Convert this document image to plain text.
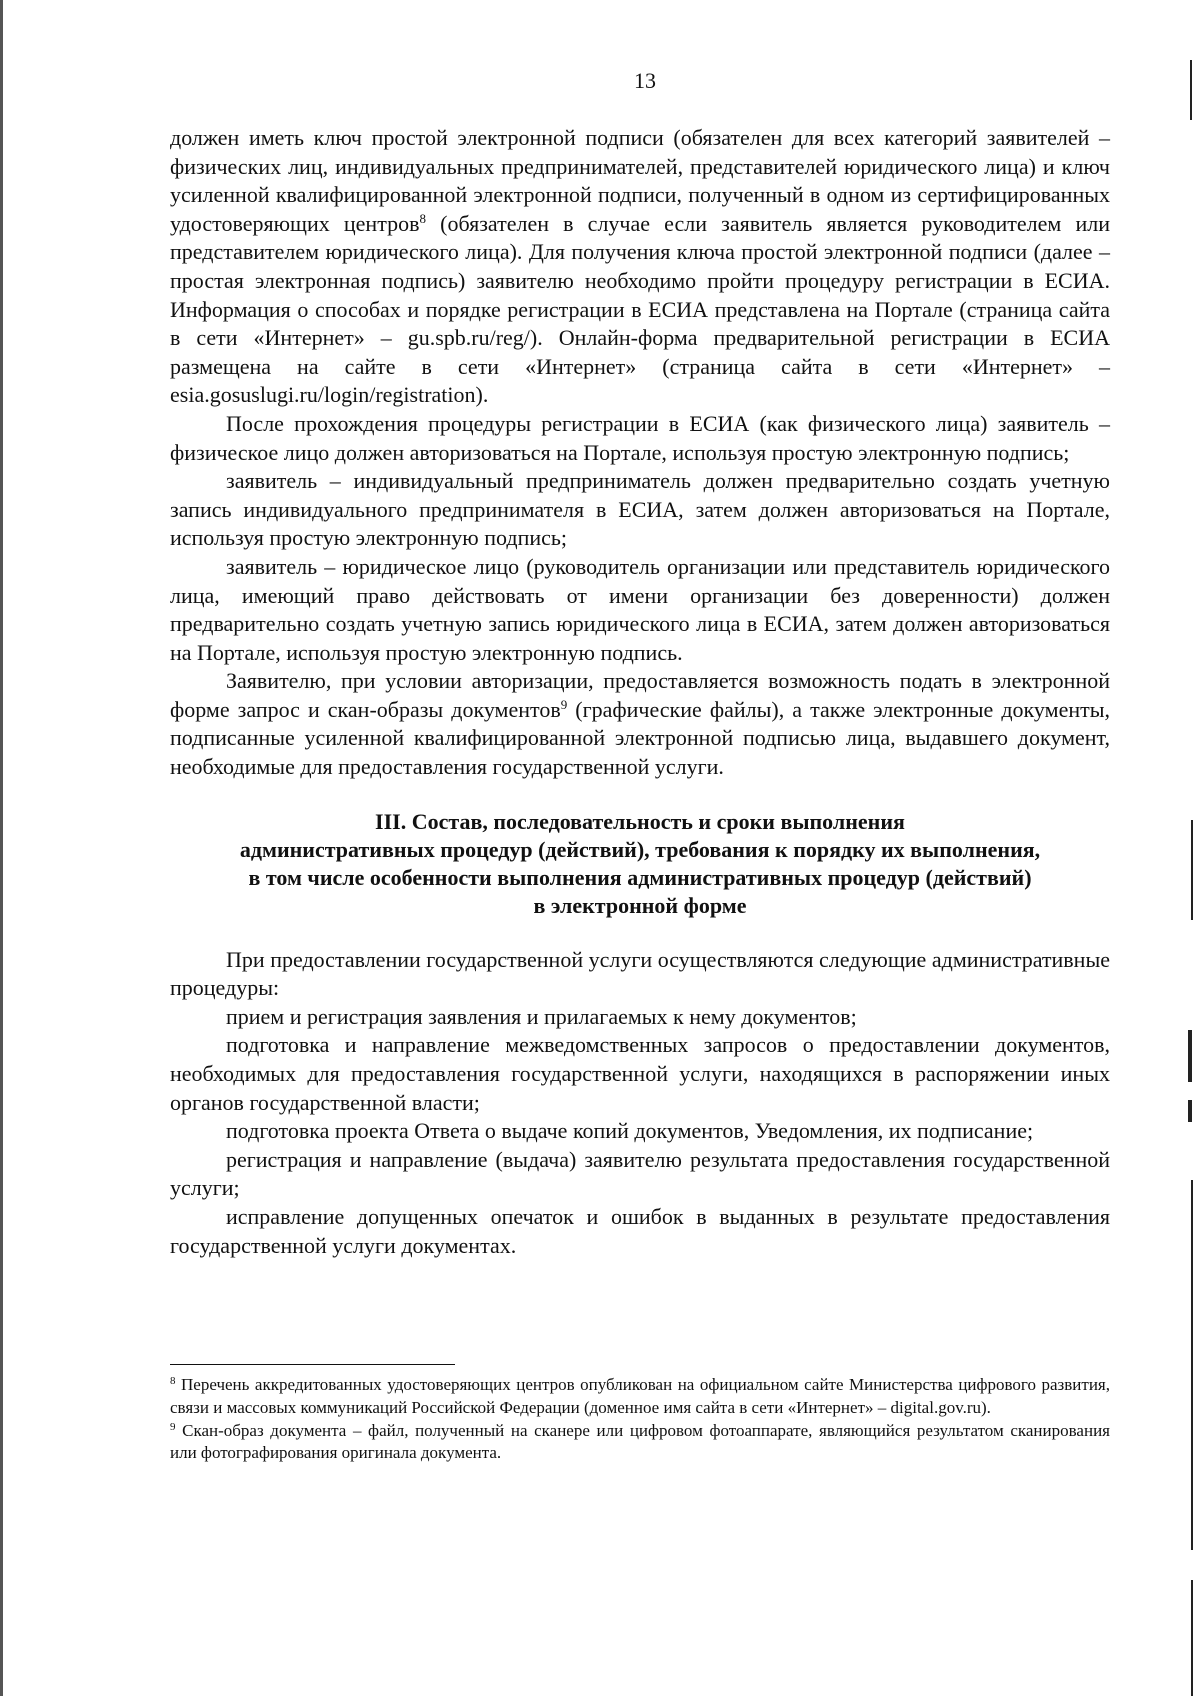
13

должен иметь ключ простой электронной подписи (обязателен для всех категорий заявителей – физических лиц, индивидуальных предпринимателей, представителей юридического лица) и ключ усиленной квалифицированной электронной подписи, полученный в одном из сертифицированных удостоверяющих центров$^8$ (обязателен в случае если заявитель является руководителем или представителем юридического лица). Для получения ключа простой электронной подписи (далее – простая электронная подпись) заявителю необходимо пройти процедуру регистрации в ЕСИА. Информация о способах и порядке регистрации в ЕСИА представлена на Портале (страница сайта в сети «Интернет» – gu.spb.ru/reg/). Онлайн-форма предварительной регистрации в ЕСИА размещена на сайте в сети «Интернет» (страница сайта в сети «Интернет» – esia.gosuslugi.ru/login/registration).

После прохождения процедуры регистрации в ЕСИА (как физического лица) заявитель – физическое лицо должен авторизоваться на Портале, используя простую электронную подпись;

заявитель – индивидуальный предприниматель должен предварительно создать учетную запись индивидуального предпринимателя в ЕСИА, затем должен авторизоваться на Портале, используя простую электронную подпись;

заявитель – юридическое лицо (руководитель организации или представитель юридического лица, имеющий право действовать от имени организации без доверенности) должен предварительно создать учетную запись юридического лица в ЕСИА, затем должен авторизоваться на Портале, используя простую электронную подпись.

Заявителю, при условии авторизации, предоставляется возможность подать в электронной форме запрос и скан-образы документов$^9$ (графические файлы), а также электронные документы, подписанные усиленной квалифицированной электронной подписью лица, выдавшего документ, необходимые для предоставления государственной услуги.

III. Состав, последовательность и сроки выполнения
административных процедур (действий), требования к порядку их выполнения,
в том числе особенности выполнения административных процедур (действий)
в электронной форме

При предоставлении государственной услуги осуществляются следующие административные процедуры:

прием и регистрация заявления и прилагаемых к нему документов;

подготовка и направление межведомственных запросов о предоставлении документов, необходимых для предоставления государственной услуги, находящихся в распоряжении иных органов государственной власти;

подготовка проекта Ответа о выдаче копий документов, Уведомления, их подписание;

регистрация и направление (выдача) заявителю результата предоставления государственной услуги;

исправление допущенных опечаток и ошибок в выданных в результате предоставления государственной услуги документах.

$^8$ Перечень аккредитованных удостоверяющих центров опубликован на официальном сайте Министерства цифрового развития, связи и массовых коммуникаций Российской Федерации (доменное имя сайта в сети «Интернет» – digital.gov.ru).

$^9$ Скан-образ документа – файл, полученный на сканере или цифровом фотоаппарате, являющийся результатом сканирования или фотографирования оригинала документа.
